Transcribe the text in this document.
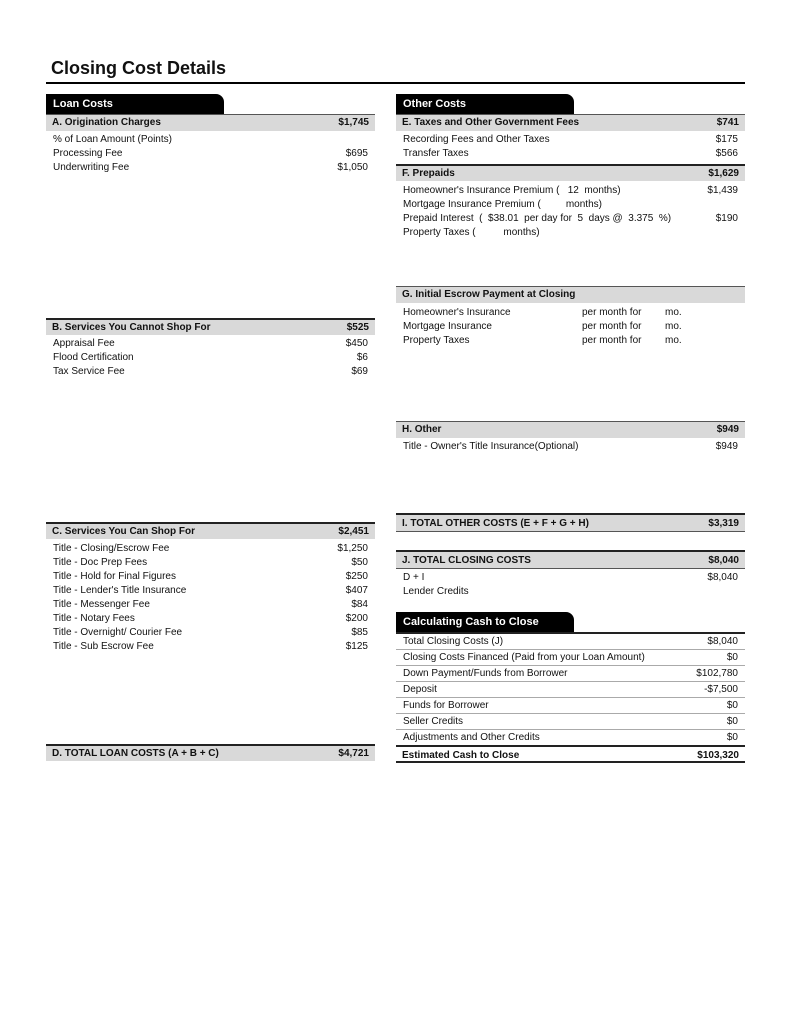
Closing Cost Details
Loan Costs
A. Origination Charges	$1,745
% of Loan Amount (Points)
Processing Fee	$695
Underwriting Fee	$1,050
B. Services You Cannot Shop For	$525
Appraisal Fee	$450
Flood Certification	$6
Tax Service Fee	$69
C. Services You Can Shop For	$2,451
Title - Closing/Escrow Fee	$1,250
Title - Doc Prep Fees	$50
Title - Hold for Final Figures	$250
Title - Lender's Title Insurance	$407
Title - Messenger Fee	$84
Title - Notary Fees	$200
Title - Overnight/ Courier Fee	$85
Title - Sub Escrow Fee	$125
D. TOTAL LOAN COSTS (A + B + C)	$4,721
Other Costs
E. Taxes and Other Government Fees	$741
Recording Fees and Other Taxes	$175
Transfer Taxes	$566
F. Prepaids	$1,629
Homeowner's Insurance Premium (   12  months)	$1,439
Mortgage Insurance Premium (         months)
Prepaid Interest  (  $38.01  per day for  5  days @  3.375  %)	$190
Property Taxes (          months)
G. Initial Escrow Payment at Closing
Homeowner's Insurance	per month for mo.
Mortgage Insurance	per month for mo.
Property Taxes	per month for mo.
H. Other	$949
Title - Owner's Title Insurance(Optional)	$949
I. TOTAL OTHER COSTS (E + F + G + H)	$3,319
J. TOTAL CLOSING COSTS	$8,040
D + I	$8,040
Lender Credits
Calculating Cash to Close
Total Closing Costs (J)	$8,040
Closing Costs Financed (Paid from your Loan Amount)	$0
Down Payment/Funds from Borrower	$102,780
Deposit	-$7,500
Funds for Borrower	$0
Seller Credits	$0
Adjustments and Other Credits	$0
Estimated Cash to Close	$103,320
